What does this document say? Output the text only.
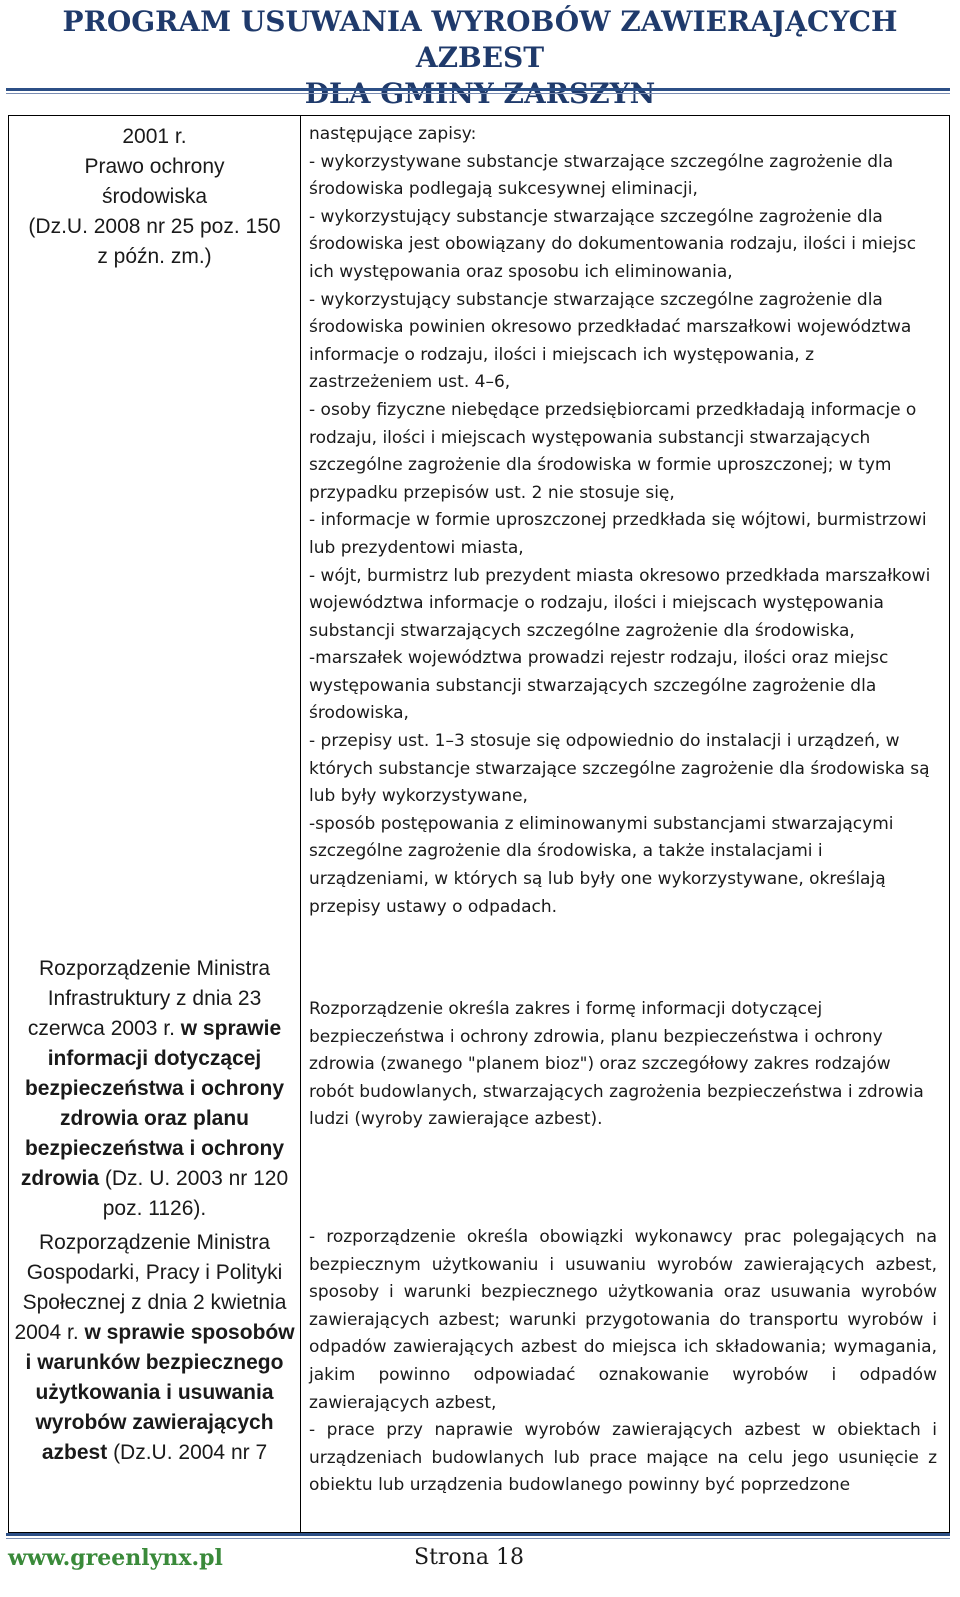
PROGRAM USUWANIA WYROBÓW ZAWIERAJĄCYCH AZBEST
2001 r.
Prawo ochrony
środowiska
(Dz.U. 2008 nr 25 poz. 150
z późn. zm.)
Rozporządzenie Ministra Infrastruktury z dnia 23 czerwca 2003 r. w sprawie informacji dotyczącej bezpieczeństwa i ochrony zdrowia oraz planu bezpieczeństwa i ochrony zdrowia (Dz. U. 2003 nr 120 poz. 1126).
Rozporządzenie Ministra Gospodarki, Pracy i Polityki Społecznej z dnia 2 kwietnia 2004 r. w sprawie sposobów i warunków bezpiecznego użytkowania i usuwania wyrobów zawierających azbest (Dz.U. 2004 nr 7

następujące zapisy:

- wykorzystywane substancje stwarzające szczególne zagrożenie dla środowiska podlegają sukcesywnej eliminacji,

- wykorzystujący substancje stwarzające szczególne zagrożenie dla środowiska jest obowiązany do dokumentowania rodzaju, ilości i miejsc ich występowania oraz sposobu ich eliminowania,

- wykorzystujący substancje stwarzające szczególne zagrożenie dla środowiska powinien okresowo przedkładać marszałkowi województwa informacje o rodzaju, ilości i miejscach ich występowania, z zastrzeżeniem ust. 4–6,

- osoby fizyczne niebędące przedsiębiorcami przedkładają informacje o rodzaju, ilości i miejscach występowania substancji stwarzających szczególne zagrożenie dla środowiska w formie uproszczonej; w tym przypadku przepisów ust. 2 nie stosuje się,

- informacje w formie uproszczonej przedkłada się wójtowi, burmistrzowi lub prezydentowi miasta,

- wójt, burmistrz lub prezydent miasta okresowo przedkłada marszałkowi województwa informacje o rodzaju, ilości i miejscach występowania substancji stwarzających szczególne zagrożenie dla środowiska,

-marszałek województwa prowadzi rejestr rodzaju, ilości oraz miejsc występowania substancji stwarzających szczególne zagrożenie dla środowiska,

- przepisy ust. 1–3 stosuje się odpowiednio do instalacji i urządzeń, w których substancje stwarzające szczególne zagrożenie dla środowiska są lub były wykorzystywane,

-sposób postępowania z eliminowanymi substancjami stwarzającymi szczególne zagrożenie dla środowiska, a także instalacjami i urządzeniami, w których są lub były one wykorzystywane, określają przepisy ustawy o odpadach.

Rozporządzenie określa zakres i formę informacji dotyczącej bezpieczeństwa i ochrony zdrowia, planu bezpieczeństwa i ochrony zdrowia (zwanego "planem bioz") oraz szczegółowy zakres rodzajów robót budowlanych, stwarzających zagrożenia bezpieczeństwa i zdrowia ludzi (wyroby zawierające azbest).

- rozporządzenie określa obowiązki wykonawcy prac polegających na bezpiecznym użytkowaniu i usuwaniu wyrobów zawierających azbest, sposoby i warunki bezpiecznego użytkowania oraz usuwania wyrobów zawierających azbest; warunki przygotowania do transportu wyrobów i odpadów zawierających azbest do miejsca ich składowania; wymagania, jakim powinno odpowiadać oznakowanie wyrobów i odpadów zawierających azbest,

- prace przy naprawie wyrobów zawierających azbest w obiektach i urządzeniach budowlanych lub prace mające na celu jego usunięcie z obiektu lub urządzenia budowlanego powinny być poprzedzone

www.greenlynx.pl	Strona 18
